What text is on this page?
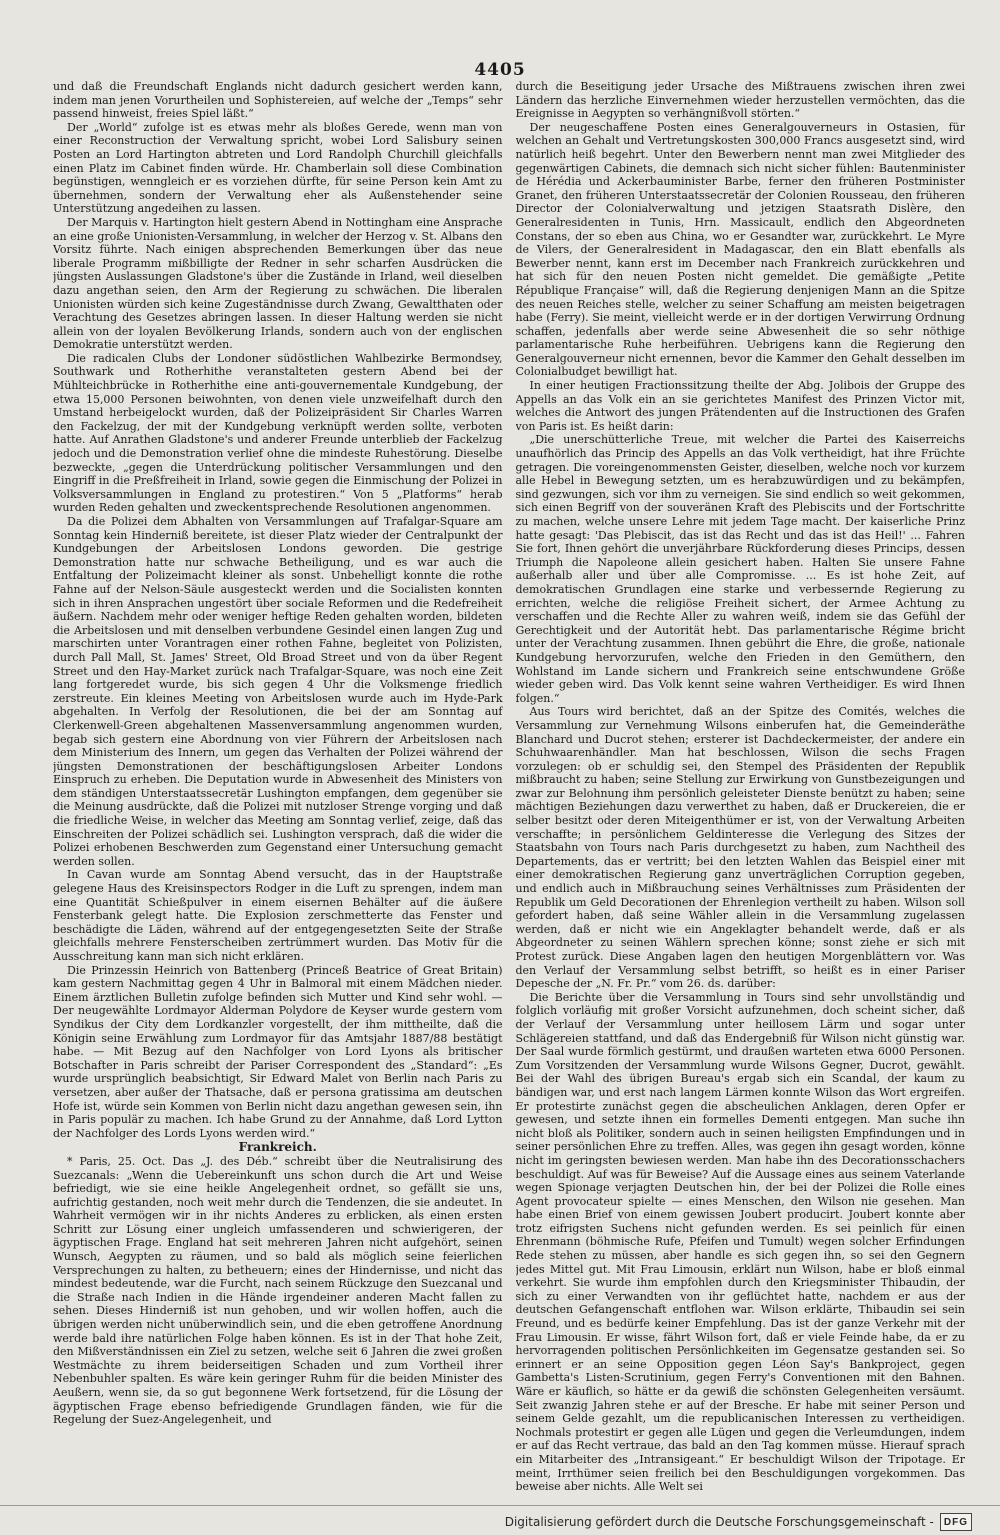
4405

und daß die Freundschaft Englands nicht dadurch gesichert werden kann, indem man jenen Vorurtheilen und Sophistereien, auf welche der „Temps“ sehr passend hinweist, freies Spiel läßt.“

Der „World“ zufolge ist es etwas mehr als bloßes Gerede, wenn man von einer Reconstruction der Verwaltung spricht, wobei Lord Salisbury seinen Posten an Lord Hartington abtreten und Lord Randolph Churchill gleichfalls einen Platz im Cabinet finden würde. Hr. Chamberlain soll diese Combination begünstigen, wenngleich er es vorziehen dürfte, für seine Person kein Amt zu übernehmen, sondern der Verwaltung eher als Außenstehender seine Unterstützung angedeihen zu lassen.

Der Marquis v. Hartington hielt gestern Abend in Nottingham eine Ansprache an eine große Unionisten-Versammlung, in welcher der Herzog v. St. Albans den Vorsitz führte. Nach einigen absprechenden Bemerkungen über das neue liberale Programm mißbilligte der Redner in sehr scharfen Ausdrücken die jüngsten Auslassungen Gladstone's über die Zustände in Irland, weil dieselben dazu angethan seien, den Arm der Regierung zu schwächen. Die liberalen Unionisten würden sich keine Zugeständnisse durch Zwang, Gewaltthaten oder Verachtung des Gesetzes abringen lassen. In dieser Haltung werden sie nicht allein von der loyalen Bevölkerung Irlands, sondern auch von der englischen Demokratie unterstützt werden.

Die radicalen Clubs der Londoner südöstlichen Wahlbezirke Bermondsey, Southwark und Rotherhithe veranstalteten gestern Abend bei der Mühlteichbrücke in Rotherhithe eine anti-gouvernementale Kundgebung, der etwa 15,000 Personen beiwohnten, von denen viele unzweifelhaft durch den Umstand herbeigelockt wurden, daß der Polizeipräsident Sir Charles Warren den Fackelzug, der mit der Kundgebung verknüpft werden sollte, verboten hatte. Auf Anrathen Gladstone's und anderer Freunde unterblieb der Fackelzug jedoch und die Demonstration verlief ohne die mindeste Ruhestörung. Dieselbe bezweckte, „gegen die Unterdrückung politischer Versammlungen und den Eingriff in die Preßfreiheit in Irland, sowie gegen die Einmischung der Polizei in Volksversammlungen in England zu protestiren.“ Von 5 „Platforms“ herab wurden Reden gehalten und zweckentsprechende Resolutionen angenommen.

Da die Polizei dem Abhalten von Versammlungen auf Trafalgar-Square am Sonntag kein Hinderniß bereitete, ist dieser Platz wieder der Centralpunkt der Kundgebungen der Arbeitslosen Londons geworden. Die gestrige Demonstration hatte nur schwache Betheiligung, und es war auch die Entfaltung der Polizeimacht kleiner als sonst. Unbehelligt konnte die rothe Fahne auf der Nelson-Säule ausgesteckt werden und die Socialisten konnten sich in ihren Ansprachen ungestört über sociale Reformen und die Redefreiheit äußern. Nachdem mehr oder weniger heftige Reden gehalten worden, bildeten die Arbeitslosen und mit denselben verbundene Gesindel einen langen Zug und marschirten unter Vorantragen einer rothen Fahne, begleitet von Polizisten, durch Pall Mall, St. James' Street, Old Broad Street und von da über Regent Street und den Hay-Market zurück nach Trafalgar-Square, was noch eine Zeit lang fortgeredet wurde, bis sich gegen 4 Uhr die Volksmenge friedlich zerstreute. Ein kleines Meeting von Arbeitslosen wurde auch im Hyde-Park abgehalten. In Verfolg der Resolutionen, die bei der am Sonntag auf Clerkenwell-Green abgehaltenen Massenversammlung angenommen wurden, begab sich gestern eine Abordnung von vier Führern der Arbeitslosen nach dem Ministerium des Innern, um gegen das Verhalten der Polizei während der jüngsten Demonstrationen der beschäftigungslosen Arbeiter Londons Einspruch zu erheben. Die Deputation wurde in Abwesenheit des Ministers von dem ständigen Unterstaatssecretär Lushington empfangen, dem gegenüber sie die Meinung ausdrückte, daß die Polizei mit nutzloser Strenge vorging und daß die friedliche Weise, in welcher das Meeting am Sonntag verlief, zeige, daß das Einschreiten der Polizei schädlich sei. Lushington versprach, daß die wider die Polizei erhobenen Beschwerden zum Gegenstand einer Untersuchung gemacht werden sollen.

In Cavan wurde am Sonntag Abend versucht, das in der Hauptstraße gelegene Haus des Kreisinspectors Rodger in die Luft zu sprengen, indem man eine Quantität Schießpulver in einem eisernen Behälter auf die äußere Fensterbank gelegt hatte. Die Explosion zerschmetterte das Fenster und beschädigte die Läden, während auf der entgegengesetzten Seite der Straße gleichfalls mehrere Fensterscheiben zertrümmert wurden. Das Motiv für die Ausschreitung kann man sich nicht erklären.

Die Prinzessin Heinrich von Battenberg (Princeß Beatrice of Great Britain) kam gestern Nachmittag gegen 4 Uhr in Balmoral mit einem Mädchen nieder. Einem ärztlichen Bulletin zufolge befinden sich Mutter und Kind sehr wohl. — Der neugewählte Lordmayor Alderman Polydore de Keyser wurde gestern vom Syndikus der City dem Lordkanzler vorgestellt, der ihm mittheilte, daß die Königin seine Erwählung zum Lordmayor für das Amtsjahr 1887/88 bestätigt habe. — Mit Bezug auf den Nachfolger von Lord Lyons als britischer Botschafter in Paris schreibt der Pariser Correspondent des „Standard“: „Es wurde ursprünglich beabsichtigt, Sir Edward Malet von Berlin nach Paris zu versetzen, aber außer der Thatsache, daß er persona gratissima am deutschen Hofe ist, würde sein Kommen von Berlin nicht dazu angethan gewesen sein, ihn in Paris populär zu machen. Ich habe Grund zu der Annahme, daß Lord Lytton der Nachfolger des Lords Lyons werden wird.“

Frankreich.

* Paris, 25. Oct. Das „J. des Déb.“ schreibt über die Neutralisirung des Suezcanals: „Wenn die Uebereinkunft uns schon durch die Art und Weise befriedigt, wie sie eine heikle Angelegenheit ordnet, so gefällt sie uns, aufrichtig gestanden, noch weit mehr durch die Tendenzen, die sie andeutet. In Wahrheit vermögen wir in ihr nichts Anderes zu erblicken, als einen ersten Schritt zur Lösung einer ungleich umfassenderen und schwierigeren, der ägyptischen Frage. England hat seit mehreren Jahren nicht aufgehört, seinen Wunsch, Aegypten zu räumen, und so bald als möglich seine feierlichen Versprechungen zu halten, zu betheuern; eines der Hindernisse, und nicht das mindest bedeutende, war die Furcht, nach seinem Rückzuge den Suezcanal und die Straße nach Indien in die Hände irgendeiner anderen Macht fallen zu sehen. Dieses Hinderniß ist nun gehoben, und wir wollen hoffen, auch die übrigen werden nicht unüberwindlich sein, und die eben getroffene Anordnung werde bald ihre natürlichen Folge haben können. Es ist in der That hohe Zeit, den Mißverständnissen ein Ziel zu setzen, welche seit 6 Jahren die zwei großen Westmächte zu ihrem beiderseitigen Schaden und zum Vortheil ihrer Nebenbuhler spalten. Es wäre kein geringer Ruhm für die beiden Minister des Aeußern, wenn sie, da so gut begonnene Werk fortsetzend, für die Lösung der ägyptischen Frage ebenso befriedigende Grundlagen fänden, wie für die Regelung der Suez-Angelegenheit, und

durch die Beseitigung jeder Ursache des Mißtrauens zwischen ihren zwei Ländern das herzliche Einvernehmen wieder herzustellen vermöchten, das die Ereignisse in Aegypten so verhängnißvoll störten.“

Der neugeschaffene Posten eines Generalgouverneurs in Ostasien, für welchen an Gehalt und Vertretungskosten 300,000 Francs ausgesetzt sind, wird natürlich heiß begehrt. Unter den Bewerbern nennt man zwei Mitglieder des gegenwärtigen Cabinets, die demnach sich nicht sicher fühlen: Bautenminister de Hérédia und Ackerbauminister Barbe, ferner den früheren Postminister Granet, den früheren Unterstaatssecretär der Colonien Rousseau, den früheren Director der Colonialverwaltung und jetzigen Staatsrath Dislère, den Generalresidenten in Tunis, Hrn. Massicault, endlich den Abgeordneten Constans, der so eben aus China, wo er Gesandter war, zurückkehrt. Le Myre de Vilers, der Generalresident in Madagascar, den ein Blatt ebenfalls als Bewerber nennt, kann erst im December nach Frankreich zurückkehren und hat sich für den neuen Posten nicht gemeldet. Die gemäßigte „Petite République Française“ will, daß die Regierung denjenigen Mann an die Spitze des neuen Reiches stelle, welcher zu seiner Schaffung am meisten beigetragen habe (Ferry). Sie meint, vielleicht werde er in der dortigen Verwirrung Ordnung schaffen, jedenfalls aber werde seine Abwesenheit die so sehr nöthige parlamentarische Ruhe herbeiführen. Uebrigens kann die Regierung den Generalgouverneur nicht ernennen, bevor die Kammer den Gehalt desselben im Colonialbudget bewilligt hat.

In einer heutigen Fractionssitzung theilte der Abg. Jolibois der Gruppe des Appells an das Volk ein an sie gerichtetes Manifest des Prinzen Victor mit, welches die Antwort des jungen Prätendenten auf die Instructionen des Grafen von Paris ist. Es heißt darin:

„Die unerschütterliche Treue, mit welcher die Partei des Kaiserreichs unaufhörlich das Princip des Appells an das Volk vertheidigt, hat ihre Früchte getragen. Die voreingenommensten Geister, dieselben, welche noch vor kurzem alle Hebel in Bewegung setzten, um es herabzuwürdigen und zu bekämpfen, sind gezwungen, sich vor ihm zu verneigen. Sie sind endlich so weit gekommen, sich einen Begriff von der souveränen Kraft des Plebiscits und der Fortschritte zu machen, welche unsere Lehre mit jedem Tage macht. Der kaiserliche Prinz hatte gesagt: 'Das Plebiscit, das ist das Recht und das ist das Heil!' ... Fahren Sie fort, Ihnen gehört die unverjährbare Rückforderung dieses Princips, dessen Triumph die Napoleone allein gesichert haben. Halten Sie unsere Fahne außerhalb aller und über alle Compromisse. ... Es ist hohe Zeit, auf demokratischen Grundlagen eine starke und verbessernde Regierung zu errichten, welche die religiöse Freiheit sichert, der Armee Achtung zu verschaffen und die Rechte Aller zu wahren weiß, indem sie das Gefühl der Gerechtigkeit und der Autorität hebt. Das parlamentarische Régime bricht unter der Verachtung zusammen. Ihnen gebührt die Ehre, die große, nationale Kundgebung hervorzurufen, welche den Frieden in den Gemüthern, den Wohlstand im Lande sichern und Frankreich seine entschwundene Größe wieder geben wird. Das Volk kennt seine wahren Vertheidiger. Es wird Ihnen folgen.“

Aus Tours wird berichtet, daß an der Spitze des Comités, welches die Versammlung zur Vernehmung Wilsons einberufen hat, die Gemeinderäthe Blanchard und Ducrot stehen; ersterer ist Dachdeckermeister, der andere ein Schuhwaarenhändler. Man hat beschlossen, Wilson die sechs Fragen vorzulegen: ob er schuldig sei, den Stempel des Präsidenten der Republik mißbraucht zu haben; seine Stellung zur Erwirkung von Gunstbezeigungen und zwar zur Belohnung ihm persönlich geleisteter Dienste benützt zu haben; seine mächtigen Beziehungen dazu verwerthet zu haben, daß er Druckereien, die er selber besitzt oder deren Miteigenthümer er ist, von der Verwaltung Arbeiten verschaffte; in persönlichem Geldinteresse die Verlegung des Sitzes der Staatsbahn von Tours nach Paris durchgesetzt zu haben, zum Nachtheil des Departements, das er vertritt; bei den letzten Wahlen das Beispiel einer mit einer demokratischen Regierung ganz unverträglichen Corruption gegeben, und endlich auch in Mißbrauchung seines Verhältnisses zum Präsidenten der Republik um Geld Decorationen der Ehrenlegion vertheilt zu haben. Wilson soll gefordert haben, daß seine Wähler allein in die Versammlung zugelassen werden, daß er nicht wie ein Angeklagter behandelt werde, daß er als Abgeordneter zu seinen Wählern sprechen könne; sonst ziehe er sich mit Protest zurück. Diese Angaben lagen den heutigen Morgenblättern vor. Was den Verlauf der Versammlung selbst betrifft, so heißt es in einer Pariser Depesche der „N. Fr. Pr.“ vom 26. ds. darüber:

Die Berichte über die Versammlung in Tours sind sehr unvollständig und folglich vorläufig mit großer Vorsicht aufzunehmen, doch scheint sicher, daß der Verlauf der Versammlung unter heillosem Lärm und sogar unter Schlägereien stattfand, und daß das Endergebniß für Wilson nicht günstig war. Der Saal wurde förmlich gestürmt, und draußen warteten etwa 6000 Personen. Zum Vorsitzenden der Versammlung wurde Wilsons Gegner, Ducrot, gewählt. Bei der Wahl des übrigen Bureau's ergab sich ein Scandal, der kaum zu bändigen war, und erst nach langem Lärmen konnte Wilson das Wort ergreifen. Er protestirte zunächst gegen die abscheulichen Anklagen, deren Opfer er gewesen, und setzte ihnen ein formelles Dementi entgegen. Man suche ihn nicht bloß als Politiker, sondern auch in seinen heiligsten Empfindungen und in seiner persönlichen Ehre zu treffen. Alles, was gegen ihn gesagt worden, könne nicht im geringsten bewiesen werden. Man habe ihn des Decorationsschachers beschuldigt. Auf was für Beweise? Auf die Aussage eines aus seinem Vaterlande wegen Spionage verjagten Deutschen hin, der bei der Polizei die Rolle eines Agent provocateur spielte — eines Menschen, den Wilson nie gesehen. Man habe einen Brief von einem gewissen Joubert producirt. Joubert konnte aber trotz eifrigsten Suchens nicht gefunden werden. Es sei peinlich für einen Ehrenmann (böhmische Rufe, Pfeifen und Tumult) wegen solcher Erfindungen Rede stehen zu müssen, aber handle es sich gegen ihn, so sei den Gegnern jedes Mittel gut. Mit Frau Limousin, erklärt nun Wilson, habe er bloß einmal verkehrt. Sie wurde ihm empfohlen durch den Kriegsminister Thibaudin, der sich zu einer Verwandten von ihr geflüchtet hatte, nachdem er aus der deutschen Gefangenschaft entflohen war. Wilson erklärte, Thibaudin sei sein Freund, und es bedürfe keiner Empfehlung. Das ist der ganze Verkehr mit der Frau Limousin. Er wisse, fährt Wilson fort, daß er viele Feinde habe, da er zu hervorragenden politischen Persönlichkeiten im Gegensatze gestanden sei. So erinnert er an seine Opposition gegen Léon Say's Bankproject, gegen Gambetta's Listen-Scrutinium, gegen Ferry's Conventionen mit den Bahnen. Wäre er käuflich, so hätte er da gewiß die schönsten Gelegenheiten versäumt. Seit zwanzig Jahren stehe er auf der Bresche. Er habe mit seiner Person und seinem Gelde gezahlt, um die republicanischen Interessen zu vertheidigen. Nochmals protestirt er gegen alle Lügen und gegen die Verleumdungen, indem er auf das Recht vertraue, das bald an den Tag kommen müsse. Hierauf sprach ein Mitarbeiter des „Intransigeant.“ Er beschuldigt Wilson der Tripotage. Er meint, Irrthümer seien freilich bei den Beschuldigungen vorgekommen. Das beweise aber nichts. Alle Welt sei

Digitalisierung gefördert durch die Deutsche Forschungsgemeinschaft -	DFG
